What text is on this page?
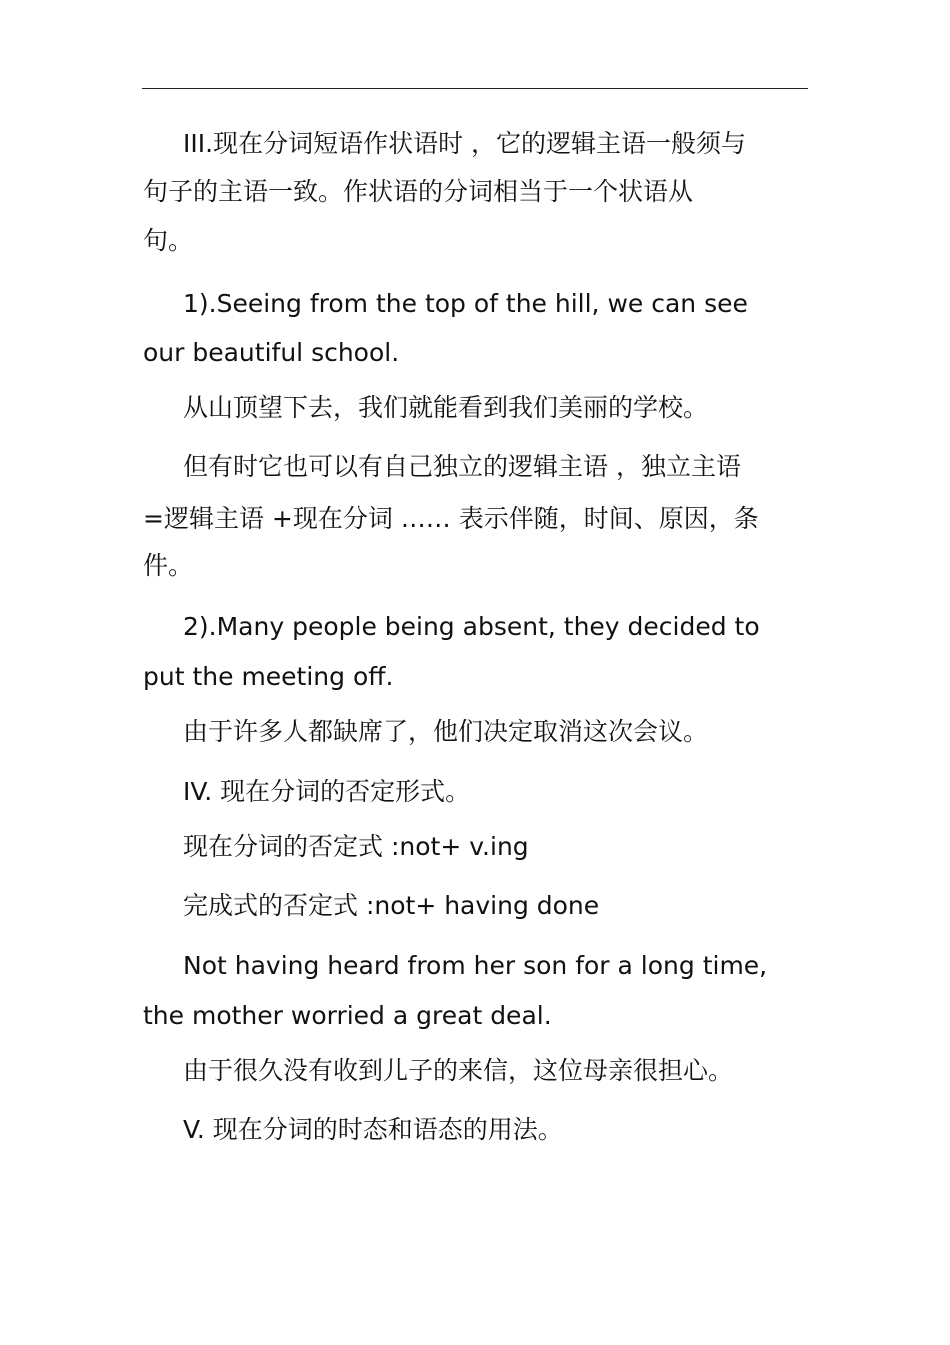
III.现在分词短语作状语时 ，它的逻辑主语一般须与
句子的主语一致。作状语的分词相当于一个状语从
句。
1).Seeing from the top of the hill, we can see
our beautiful school.
从山顶望下去，我们就能看到我们美丽的学校。
但有时它也可以有自己独立的逻辑主语 ，独立主语
=逻辑主语 +现在分词 …… 表示伴随，时间、原因，条
件。
2).Many people being absent, they decided to
put the meeting off.
由于许多人都缺席了，他们决定取消这次会议。
IV. 现在分词的否定形式。
现在分词的否定式 :not+ v.ing
完成式的否定式 :not+ having done
Not having heard from her son for a long time,
the mother worried a great deal.
由于很久没有收到儿子的来信，这位母亲很担心。
V. 现在分词的时态和语态的用法。
